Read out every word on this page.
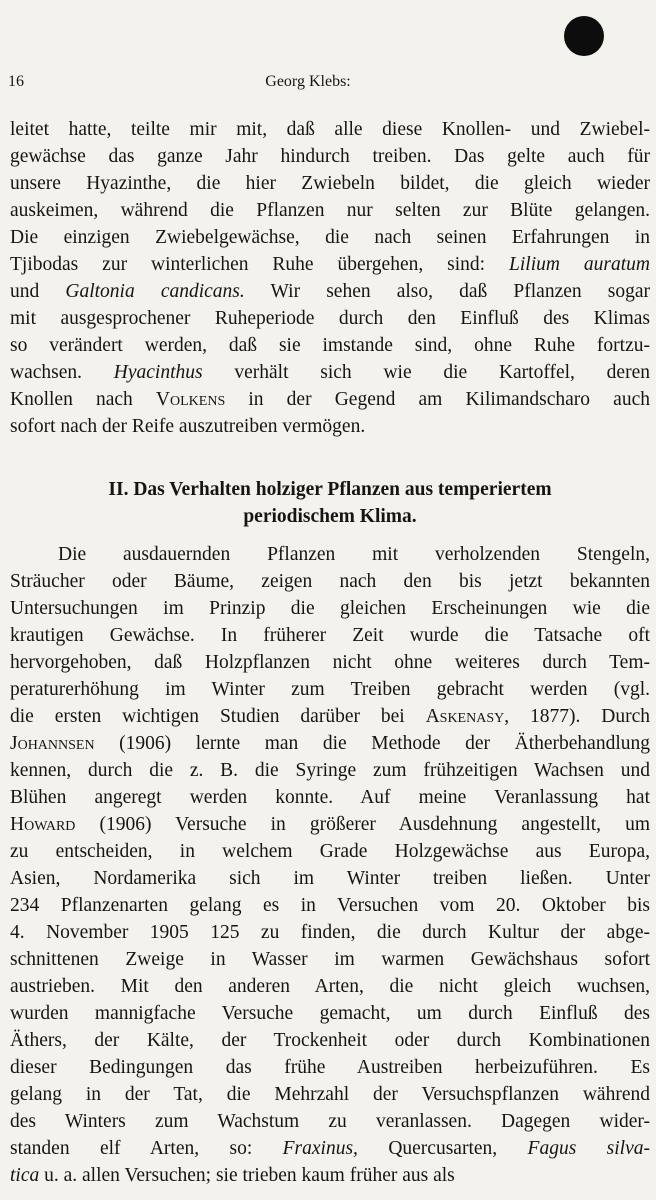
16	Georg Klebs:
leitet hatte, teilte mir mit, daß alle diese Knollen- und Zwiebel-
gewächse das ganze Jahr hindurch treiben. Das gelte auch für
unsere Hyazinthe, die hier Zwiebeln bildet, die gleich wieder
auskeimen, während die Pflanzen nur selten zur Blüte gelangen.
Die einzigen Zwiebelgewächse, die nach seinen Erfahrungen in
Tjibodas zur winterlichen Ruhe übergehen, sind: Lilium auratum
und Galtonia candicans. Wir sehen also, daß Pflanzen sogar
mit ausgesprochener Ruheperiode durch den Einfluß des Klimas
so verändert werden, daß sie imstande sind, ohne Ruhe fortzu-
wachsen. Hyacinthus verhält sich wie die Kartoffel, deren
Knollen nach Volkens in der Gegend am Kilimandscharo auch
sofort nach der Reife auszutreiben vermögen.
II. Das Verhalten holziger Pflanzen aus temperiertem
periodischem Klima.
Die ausdauernden Pflanzen mit verholzenden Stengeln,
Sträucher oder Bäume, zeigen nach den bis jetzt bekannten
Untersuchungen im Prinzip die gleichen Erscheinungen wie die
krautigen Gewächse. In früherer Zeit wurde die Tatsache oft
hervorgehoben, daß Holzpflanzen nicht ohne weiteres durch Tem-
peraturerhöhung im Winter zum Treiben gebracht werden (vgl.
die ersten wichtigen Studien darüber bei Askenasy, 1877). Durch
Johannsen (1906) lernte man die Methode der Ätherbehandlung
kennen, durch die z. B. die Syringe zum frühzeitigen Wachsen und
Blühen angeregt werden konnte. Auf meine Veranlassung hat
Howard (1906) Versuche in größerer Ausdehnung angestellt, um
zu entscheiden, in welchem Grade Holzgewächse aus Europa,
Asien, Nordamerika sich im Winter treiben ließen. Unter
234 Pflanzenarten gelang es in Versuchen vom 20. Oktober bis
4. November 1905 125 zu finden, die durch Kultur der abge-
schnittenen Zweige in Wasser im warmen Gewächshaus sofort
austrieben. Mit den anderen Arten, die nicht gleich wuchsen,
wurden mannigfache Versuche gemacht, um durch Einfluß des
Äthers, der Kälte, der Trockenheit oder durch Kombinationen
dieser Bedingungen das frühe Austreiben herbeizuführen. Es
gelang in der Tat, die Mehrzahl der Versuchspflanzen während
des Winters zum Wachstum zu veranlassen. Dagegen wider-
standen elf Arten, so: Fraxinus, Quercusarten, Fagus silva-
tica u. a. allen Versuchen; sie trieben kaum früher aus als
